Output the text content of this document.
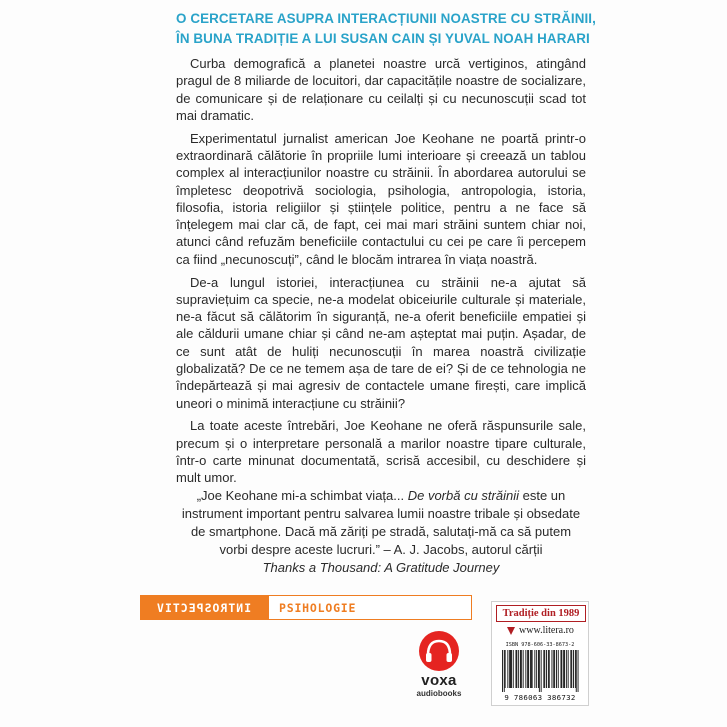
O CERCETARE ASUPRA INTERACȚIUNII NOASTRE CU STRĂINII,
ÎN BUNA TRADIȚIE A LUI SUSAN CAIN ȘI YUVAL NOAH HARARI

Curba demografică a planetei noastre urcă vertiginos, atingând pragul de 8 miliarde de locuitori, dar capacitățile noastre de socializare, de comunicare și de relaționare cu ceilalți și cu necunoscuții scad tot mai dramatic.

Experimentatul jurnalist american Joe Keohane ne poartă printr-o extraordinară călătorie în propriile lumi interioare și creează un tablou complex al interacțiunilor noastre cu străinii. În abordarea autorului se împletesc deopotrivă sociologia, psihologia, antropologia, istoria, filosofia, istoria religiilor și științele politice, pentru a ne face să înțelegem mai clar că, de fapt, cei mai mari străini suntem chiar noi, atunci când refuzăm beneficiile contactului cu cei pe care îi percepem ca fiind „necunoscuți”, când le blocăm intrarea în viața noastră.

De-a lungul istoriei, interacțiunea cu străinii ne-a ajutat să supraviețuim ca specie, ne-a modelat obiceiurile culturale și materiale, ne-a făcut să călătorim în siguranță, ne-a oferit beneficiile empatiei și ale căldurii umane chiar și când ne-am așteptat mai puțin. Așadar, de ce sunt atât de huliți necunoscuții în marea noastră civilizație globalizată? De ce ne temem așa de tare de ei? Și de ce tehnologia ne îndepărtează și mai agresiv de contactele umane firești, care implică uneori o minimă interacțiune cu străinii?

La toate aceste întrebări, Joe Keohane ne oferă răspunsurile sale, precum și o interpretare personală a marilor noastre tipare culturale, într-o carte minunat documentată, scrisă accesibil, cu deschidere și mult umor.

„Joe Keohane mi-a schimbat viața... De vorbă cu străinii este un instrument important pentru salvarea lumii noastre tribale și obsedate de smartphone. Dacă mă zăriți pe stradă, salutați-mă ca să putem vorbi despre aceste lucruri.” – A. J. Jacobs, autorul cărții
Thanks a Thousand: A Gratitude Journey
INTROSPECTIV	PSIHOLOGIE
voxa
audiobooks
Tradiție din 1989
www.litera.ro
ISBN 978-606-33-8673-2
9 786063 386732
